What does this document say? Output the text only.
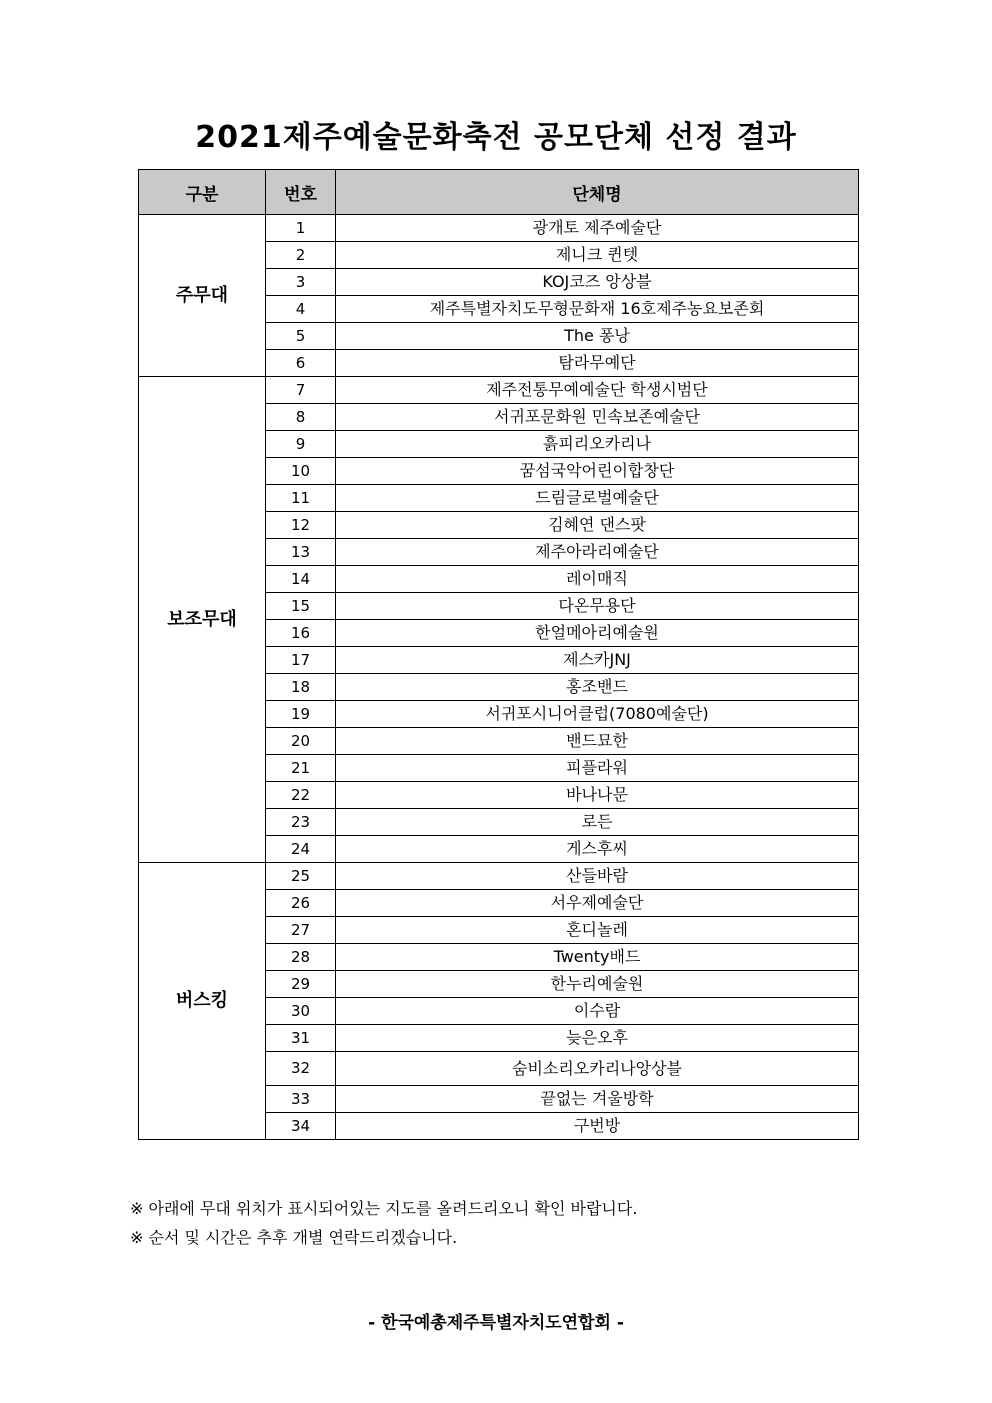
2021제주예술문화축전 공모단체 선정 결과
구분	번호	단체명
주무대	1	광개토 제주예술단
	2	제니크 퀸텟
	3	KOJ코즈 앙상블
	4	제주특별자치도무형문화재 16호제주농요보존회
	5	The 퐁낭
	6	탐라무예단
보조무대	7	제주전통무예예술단 학생시범단
	8	서귀포문화원 민속보존예술단
	9	흙피리오카리나
	10	꿈섬국악어린이합창단
	11	드림글로벌예술단
	12	김혜연 댄스팟
	13	제주아라리예술단
	14	레이매직
	15	다온무용단
	16	한얼메아리예술원
	17	제스카JNJ
	18	홍조밴드
	19	서귀포시니어클럽(7080예술단)
	20	밴드묘한
	21	피플라워
	22	바나나문
	23	로든
	24	게스후씨
버스킹	25	산들바람
	26	서우제예술단
	27	혼디놀레
	28	Twenty배드
	29	한누리예술원
	30	이수람
	31	늦은오후
	32	숨비소리오카리나앙상블
	33	끝없는 겨울방학
	34	구번방

※ 아래에 무대 위치가 표시되어있는 지도를 올려드리오니 확인 바랍니다.

※ 순서 및 시간은 추후 개별 연락드리겠습니다.

- 한국예총제주특별자치도연합회 -
